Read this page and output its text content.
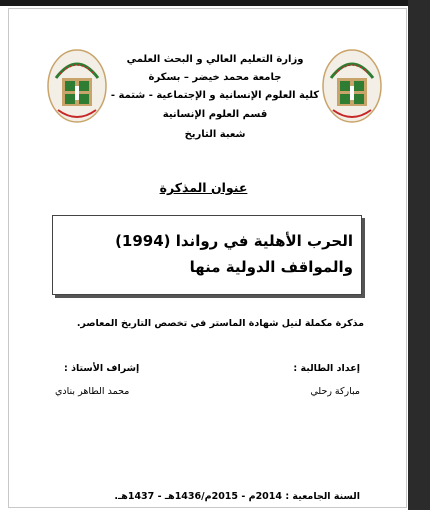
وزارة التعليم العالي و البحث العلمي
جامعة محمد خيضر – بسكرة
كلية العلوم الإنسانية و الإجتماعية - شتمة -
قسم العلوم الإنسانية
شعبة التاريخ
عنوان المذكرة
الحرب الأهلية في رواندا (1994) والمواقف الدولية منها
مذكرة مكملة لنيل شهادة الماستر في تخصص التاريخ المعاصر.
إعداد الطالبة :
إشراف الأستاذ :
مباركة رحلي
محمد الطاهر بنادي
السنة الجامعية : 2014م - 2015م/1436هـ - 1437هـ.
